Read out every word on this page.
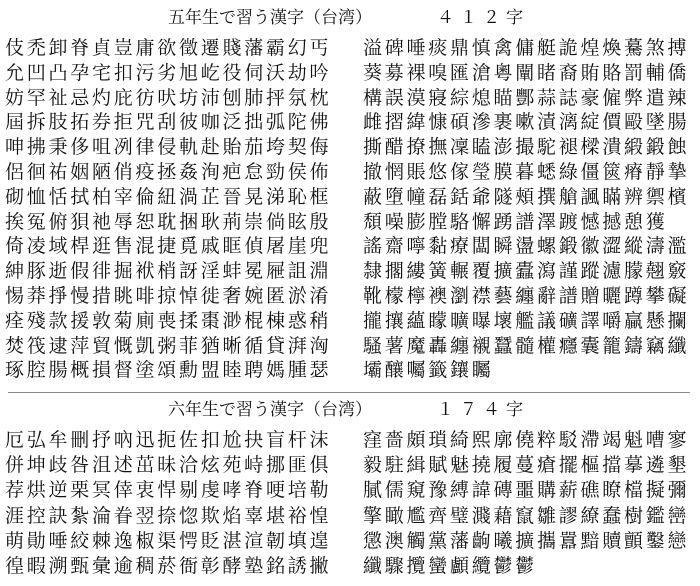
五年生で習う漢字（台湾）	４１２字
伎禿卸脊貞豈庸欲徵遷賤藩霸幻丐
允凹凸孕宅扣污劣旭屹役伺沃劫吟
妨罕祉忌灼庇彷吠坊沛刨肺抨氛枕
屆拆肢拓券拒咒刮彼咖泛拙弧陀佛
呻拂秉侈咀冽律侵軌赴貽茄垮契侮
侶徊祐姻陋俏疫拯姦洵疤怠勁侯佈
砌恤恬拭柏宰倫紐渦芷晉晃涕恥框
挨冤俯狽祂辱恕耽捆耿荊崇倘眩殷
倚凌域桿逛售混捷覓戚眶偵屠崖兜
紳豚逝假徘掘袱梢訝淫蚌冕屜詛淵
惕莽掙慢措眺啡掠悼徙奢婉匿淤淆
痊殘款援敦菊廁喪揉棗渺棍棟惑稍
焚筏逮萍貿慨凱粥菲猶晰循貸湃洶
琢腔腸概損督塗頌勳盟睦聘媽腫瑟
溢碑唾痰鼎慎禽傭艇詭煌煥驀煞搏
葵募裸嗅匯滄粵闡睹裔賄賂罰輔僑
構誤漠寢綜熄瞄酆蒜誌豪僱弊遣辣
雌摺緯慷碩滲裹嗽漬漓綻價毆墜腸
撕醋撩撫凜瞌澎撮駝褪樑潰緞鍛蝕
撤惘賬悠傢瑩膜暮蟋綠僵篋瘠靜摯
蔽墮幢磊銛爺隧頰撰艙諷瞞辨禦檳
頹噪膨膛駱懈踴譜澤踱憾撼憩獲
謠齋嚀黏療闆瞬盪螺鍛徽澀縱濤濫
隸擱縷簧輾覆擴蠹瀉謹蹤濾朦翹竅
靴檬檸襖瀏襟藝纏辭譜贈曬蹲攀礙
攏攘蘊矇曠曝壞艦議礦譯嚼贏懸攔
騷薯魔轟纏襯蠶髓權癮囊籠鑄竊纖
壩釀囑籤鑲矚
六年生で習う漢字（台湾）	１７４字
厄弘牟刪抒吶迅扼佐扣尬抉盲杆沫
併坤歧咎沮述茁昧洽炫苑峙挪匪俱
荐烘逆栗冥倖衷悍剔虔哮脊哽培勒
涯控訣紮淪眷翌捺惚欺焰辜堪裕惶
萌勛唾絞棘逸椒渠愕貶湛渲韌填遑
徨暇溯甄彙逾稠菸衙彰酵塾銘誘撇
窪嗇頗瑣綺熙廓僥粹駁滯竭魁嘈寥
毅駐緝賦魅撓履蔓瘡擺樞擋摹遴墾
膩儒窺豫縛諱磚噩購薪礁瞭檔擬彌
擎瞰尷齊璧濺藉竄雛謬繚蠢樹鑑巒
懲澳觸黨藩齣曦擴攜囂黯贖顫鑿戀
纖驟攬蠻顱纜鬱鬱
